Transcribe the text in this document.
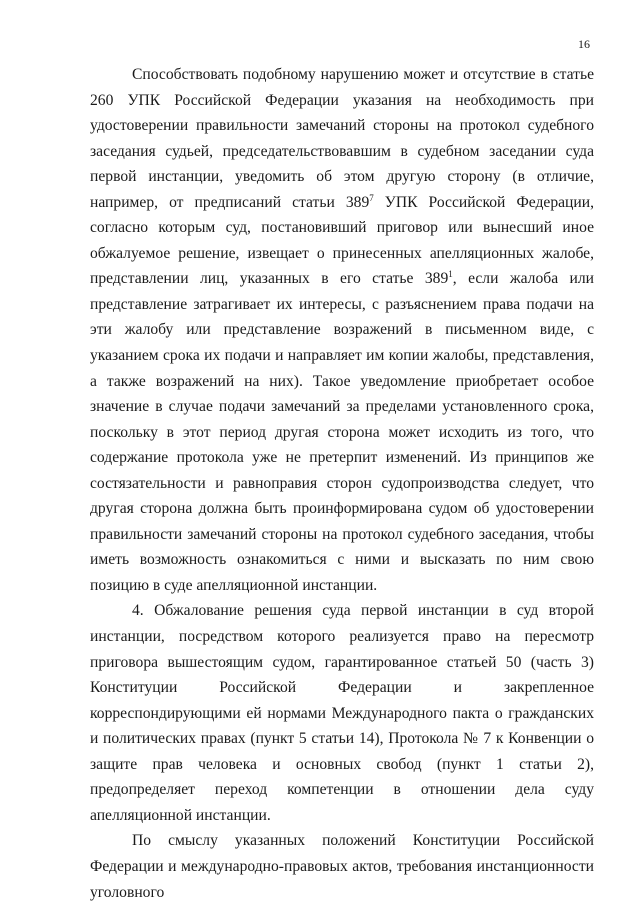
16

Способствовать подобному нарушению может и отсутствие в статье 260 УПК Российской Федерации указания на необходимость при удостоверении правильности замечаний стороны на протокол судебного заседания судьей, председательствовавшим в судебном заседании суда первой инстанции, уведомить об этом другую сторону (в отличие, например, от предписаний статьи $389^7$ УПК Российской Федерации, согласно которым суд, постановивший приговор или вынесший иное обжалуемое решение, извещает о принесенных апелляционных жалобе, представлении лиц, указанных в его статье $389^1$, если жалоба или представление затрагивает их интересы, с разъяснением права подачи на эти жалобу или представление возражений в письменном виде, с указанием срока их подачи и направляет им копии жалобы, представления, а также возражений на них). Такое уведомление приобретает особое значение в случае подачи замечаний за пределами установленного срока, поскольку в этот период другая сторона может исходить из того, что содержание протокола уже не претерпит изменений. Из принципов же состязательности и равноправия сторон судопроизводства следует, что другая сторона должна быть проинформирована судом об удостоверении правильности замечаний стороны на протокол судебного заседания, чтобы иметь возможность ознакомиться с ними и высказать по ним свою позицию в суде апелляционной инстанции.

4. Обжалование решения суда первой инстанции в суд второй инстанции, посредством которого реализуется право на пересмотр приговора вышестоящим судом, гарантированное статьей 50 (часть 3) Конституции Российской Федерации и закрепленное корреспондирующими ей нормами Международного пакта о гражданских и политических правах (пункт 5 статьи 14), Протокола № 7 к Конвенции о защите прав человека и основных свобод (пункт 1 статьи 2), предопределяет переход компетенции в отношении дела суду апелляционной инстанции.

По смыслу указанных положений Конституции Российской Федерации и международно-правовых актов, требования инстанционности уголовного
